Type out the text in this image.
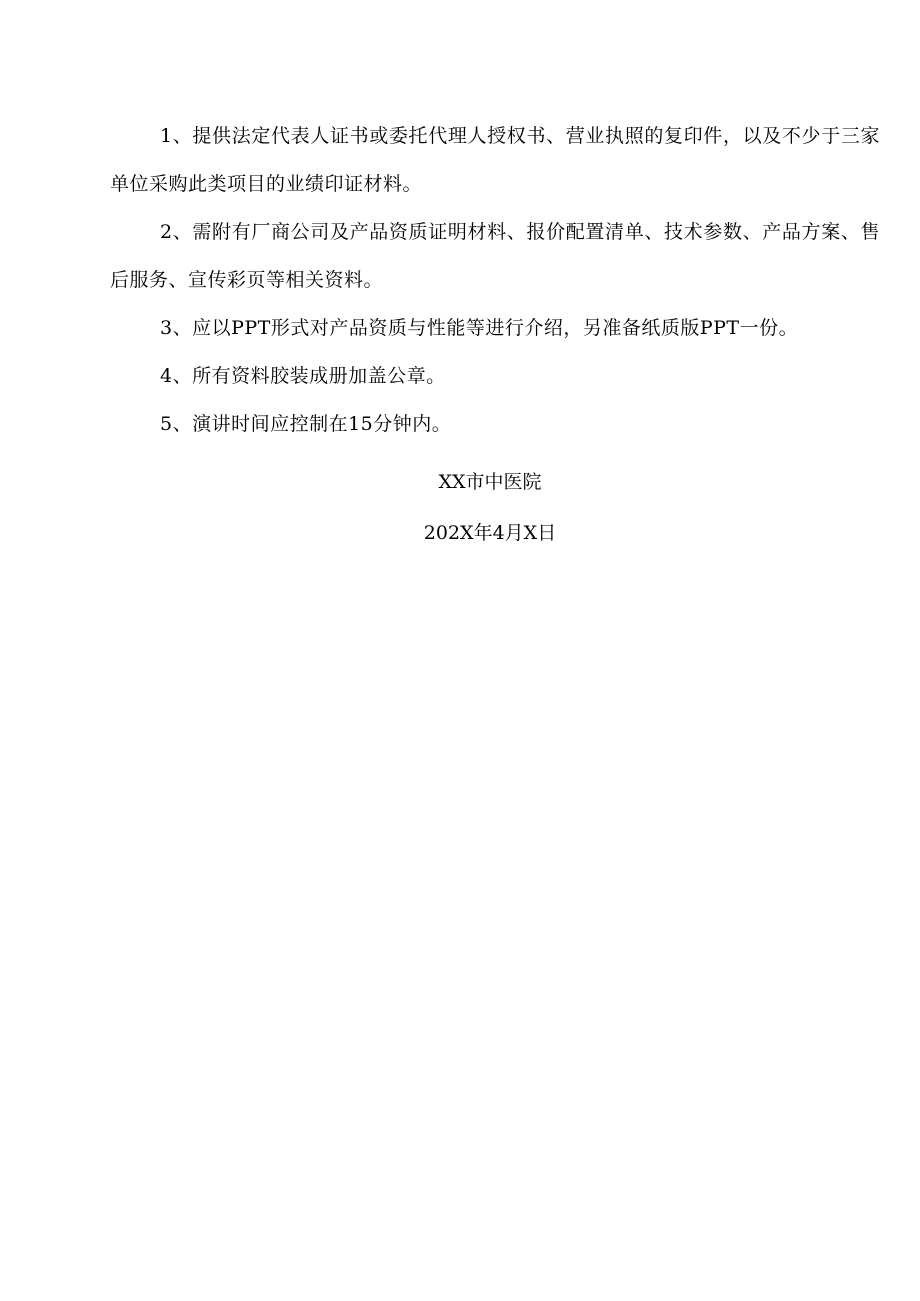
1、提供法定代表人证书或委托代理人授权书、营业执照的复印件，以及不少于三家单位采购此类项目的业绩印证材料。

2、需附有厂商公司及产品资质证明材料、报价配置清单、技术参数、产品方案、售后服务、宣传彩页等相关资料。

3、应以PPT形式对产品资质与性能等进行介绍，另准备纸质版PPT一份。

4、所有资料胶装成册加盖公章。

5、演讲时间应控制在15分钟内。

XX市中医院

202X年4月X日
